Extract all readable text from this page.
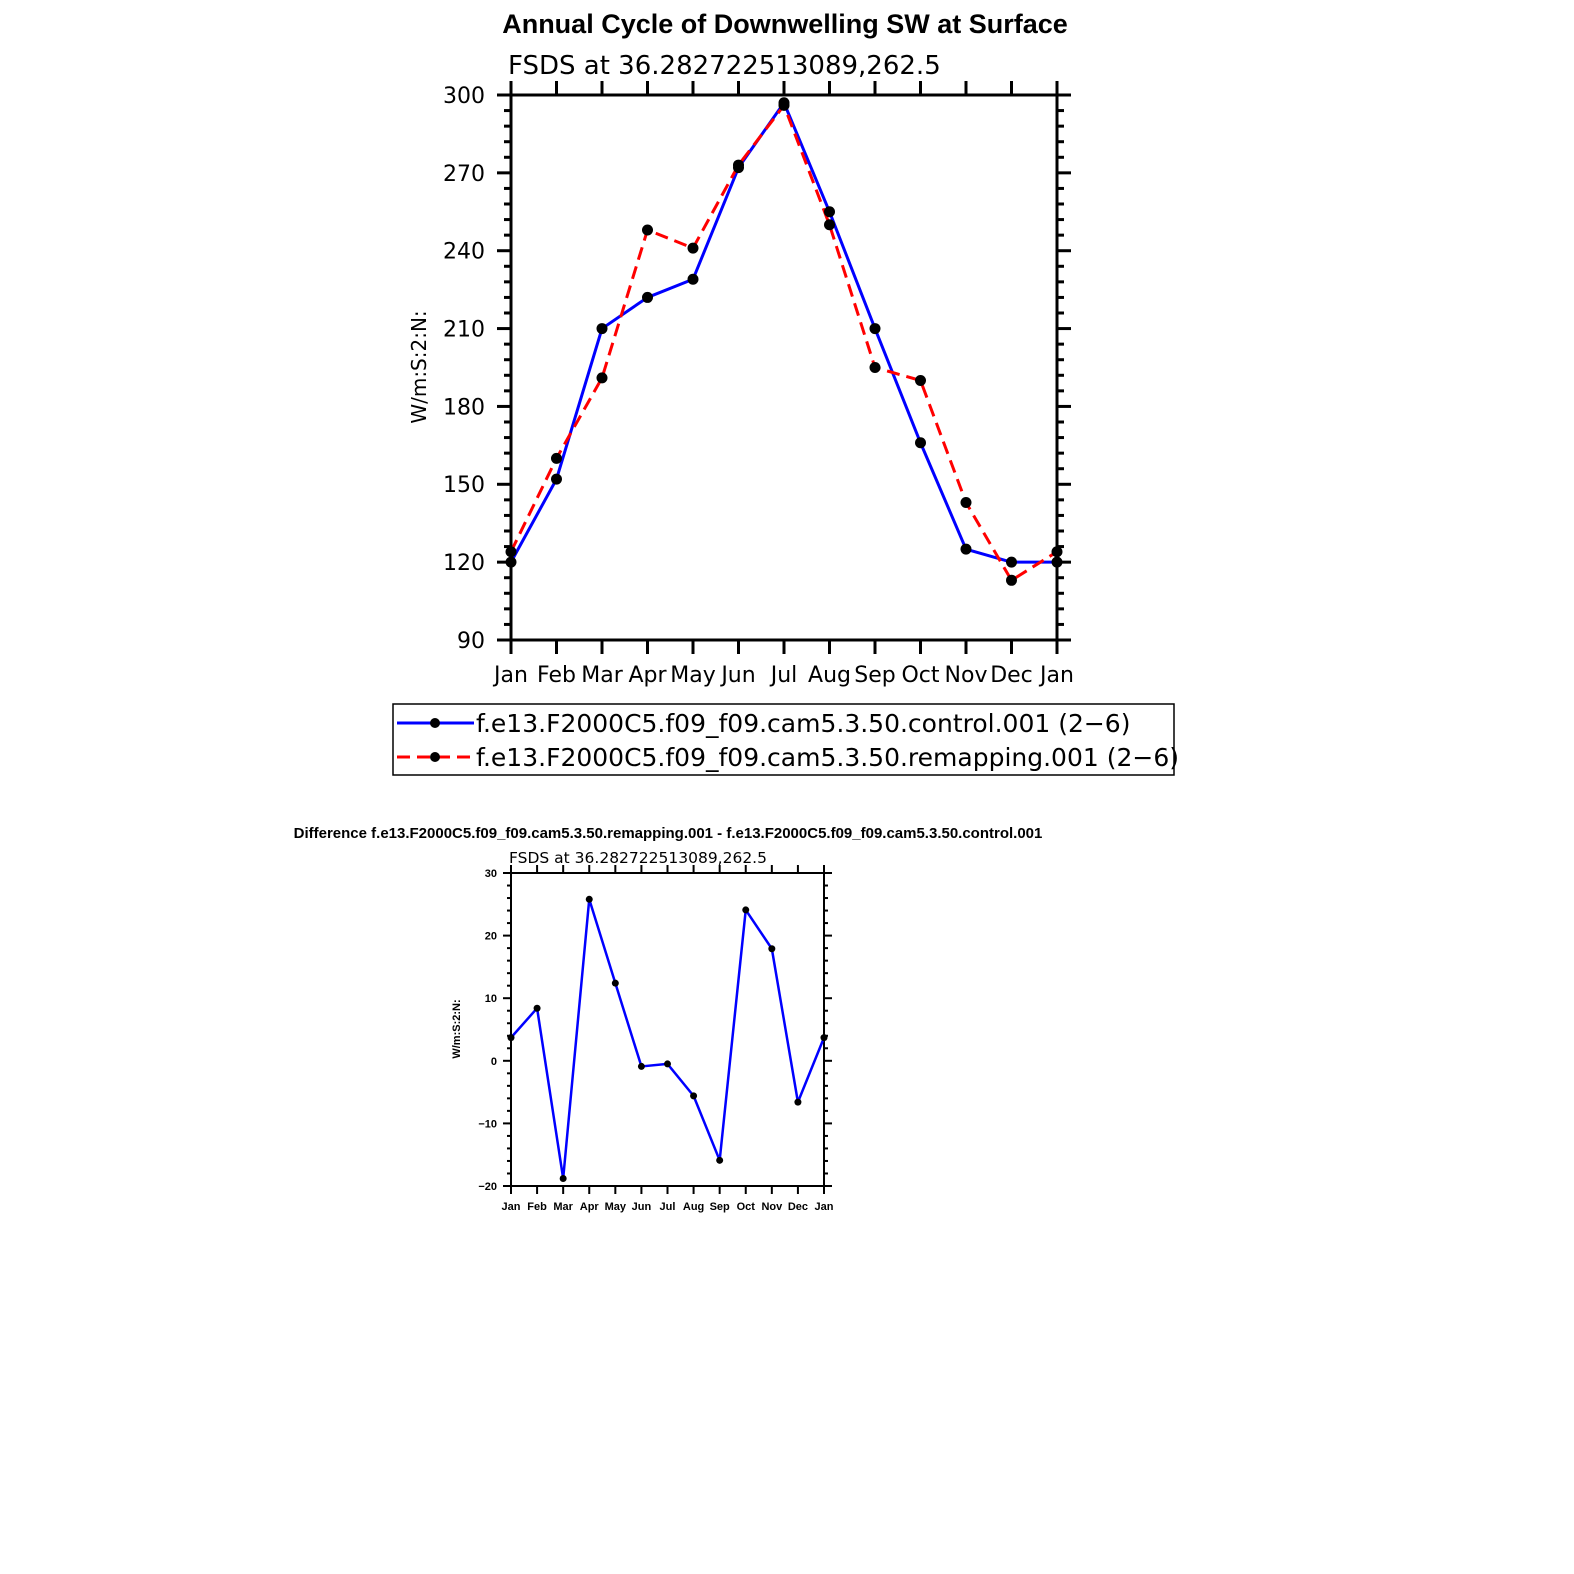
Annual Cycle of Downwelling SW at Surface
FSDS at 36.282722513089,262.5
W/m:S:2:N:
Jan Feb Mar Apr May Jun Jul Aug Sep Oct Nov Dec Jan
90
120
150
180
210
240
270
300
f.e13.F2000C5.f09_f09.cam5.3.50.control.001 (2−6)
f.e13.F2000C5.f09_f09.cam5.3.50.remapping.001 (2−6)
Difference f.e13.F2000C5.f09_f09.cam5.3.50.remapping.001 - f.e13.F2000C5.f09_f09.cam5.3.50.control.001
FSDS at 36.282722513089,262.5
W/m:S:2:N:
Jan Feb Mar Apr May Jun Jul Aug Sep Oct Nov Dec Jan
−20
−10
0
10
20
30
